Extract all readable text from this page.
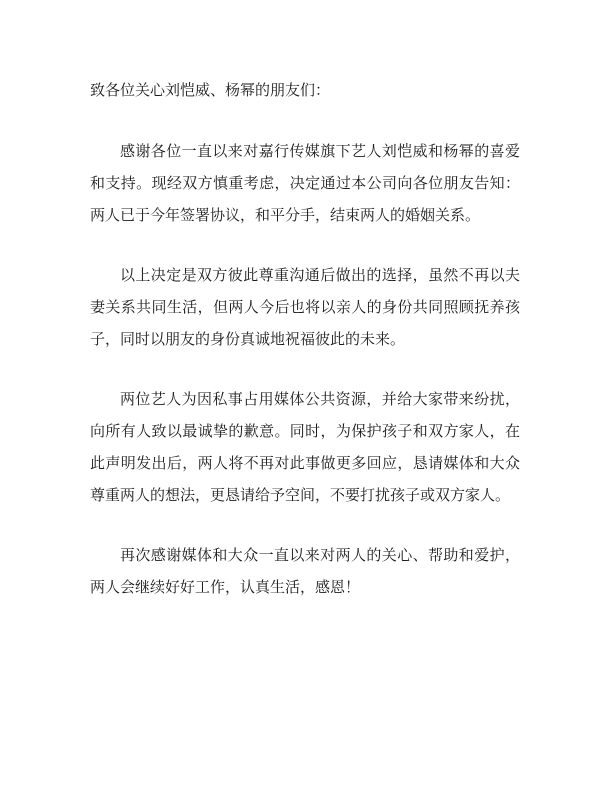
致各位关心刘恺威、杨幂的朋友们：

感谢各位一直以来对嘉行传媒旗下艺人刘恺威和杨幂的喜爱和支持。现经双方慎重考虑，决定通过本公司向各位朋友告知：两人已于今年签署协议，和平分手，结束两人的婚姻关系。

以上决定是双方彼此尊重沟通后做出的选择，虽然不再以夫妻关系共同生活，但两人今后也将以亲人的身份共同照顾抚养孩子，同时以朋友的身份真诚地祝福彼此的未来。

两位艺人为因私事占用媒体公共资源，并给大家带来纷扰，向所有人致以最诚挚的歉意。同时，为保护孩子和双方家人，在此声明发出后，两人将不再对此事做更多回应，恳请媒体和大众尊重两人的想法，更恳请给予空间，不要打扰孩子或双方家人。

再次感谢媒体和大众一直以来对两人的关心、帮助和爱护，两人会继续好好工作，认真生活，感恩！
